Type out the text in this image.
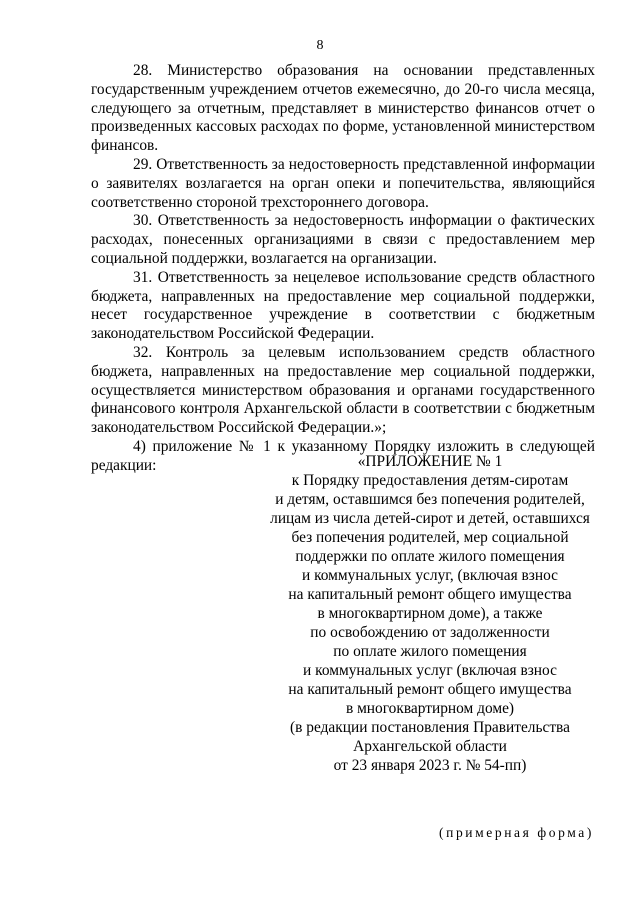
8

28. Министерство образования на основании представленных государственным учреждением отчетов ежемесячно, до 20-го числа месяца, следующего за отчетным, представляет в министерство финансов отчет о произведенных кассовых расходах по форме, установленной министерством финансов.

29. Ответственность за недостоверность представленной информации о заявителях возлагается на орган опеки и попечительства, являющийся соответственно стороной трехстороннего договора.

30. Ответственность за недостоверность информации о фактических расходах, понесенных организациями в связи с предоставлением мер социальной поддержки, возлагается на организации.

31. Ответственность за нецелевое использование средств областного бюджета, направленных на предоставление мер социальной поддержки, несет государственное учреждение в соответствии с бюджетным законодательством Российской Федерации.

32. Контроль за целевым использованием средств областного бюджета, направленных на предоставление мер социальной поддержки, осуществляется министерством образования и органами государственного финансового контроля Архангельской области в соответствии с бюджетным законодательством Российской Федерации.»;

4) приложение № 1 к указанному Порядку изложить в следующей редакции:	«ПРИЛОЖЕНИЕ № 1

к Порядку предоставления детям-сиротам

и детям, оставшимся без попечения родителей,

лицам из числа детей-сирот и детей, оставшихся

без попечения родителей, мер социальной

поддержки по оплате жилого помещения

и коммунальных услуг, (включая взнос

на капитальный ремонт общего имущества

в многоквартирном доме), а также

по освобождению от задолженности

по оплате жилого помещения

и коммунальных услуг (включая взнос

на капитальный ремонт общего имущества

в многоквартирном доме)

(в редакции постановления Правительства

Архангельской области

от 23 января 2023 г. № 54-пп)

(примерная форма)
